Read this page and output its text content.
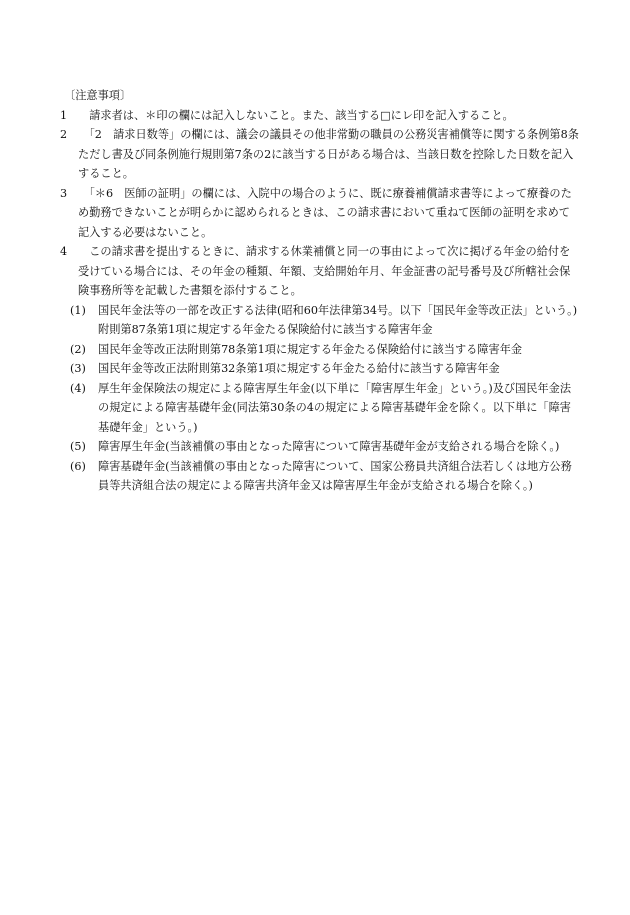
〔注意事項〕

1 　請求者は、＊印の欄には記入しないこと。また、該当する□にレ印を記入すること。
2 　「2　請求日数等」の欄には、議会の議員その他非常勤の職員の公務災害補償等に関する条例第8条ただし書及び同条例施行規則第7条の2に該当する日がある場合は、当該日数を控除した日数を記入すること。
3 　「＊6　医師の証明」の欄には、入院中の場合のように、既に療養補償請求書等によって療養のため勤務できないことが明らかに認められるときは、この請求書において重ねて医師の証明を求めて記入する必要はないこと。
4 　この請求書を提出するときに、請求する休業補償と同一の事由によって次に掲げる年金の給付を受けている場合には、その年金の種類、年額、支給開始年月、年金証書の記号番号及び所轄社会保険事務所等を記載した書類を添付すること。
(1) 国民年金法等の一部を改正する法律(昭和60年法律第34号。以下「国民年金等改正法」という。)附則第87条第1項に規定する年金たる保険給付に該当する障害年金
(2) 国民年金等改正法附則第78条第1項に規定する年金たる保険給付に該当する障害年金
(3) 国民年金等改正法附則第32条第1項に規定する年金たる給付に該当する障害年金
(4) 厚生年金保険法の規定による障害厚生年金(以下単に「障害厚生年金」という。)及び国民年金法の規定による障害基礎年金(同法第30条の4の規定による障害基礎年金を除く。以下単に「障害基礎年金」という。)
(5) 障害厚生年金(当該補償の事由となった障害について障害基礎年金が支給される場合を除く。)
(6) 障害基礎年金(当該補償の事由となった障害について、国家公務員共済組合法若しくは地方公務員等共済組合法の規定による障害共済年金又は障害厚生年金が支給される場合を除く。)
